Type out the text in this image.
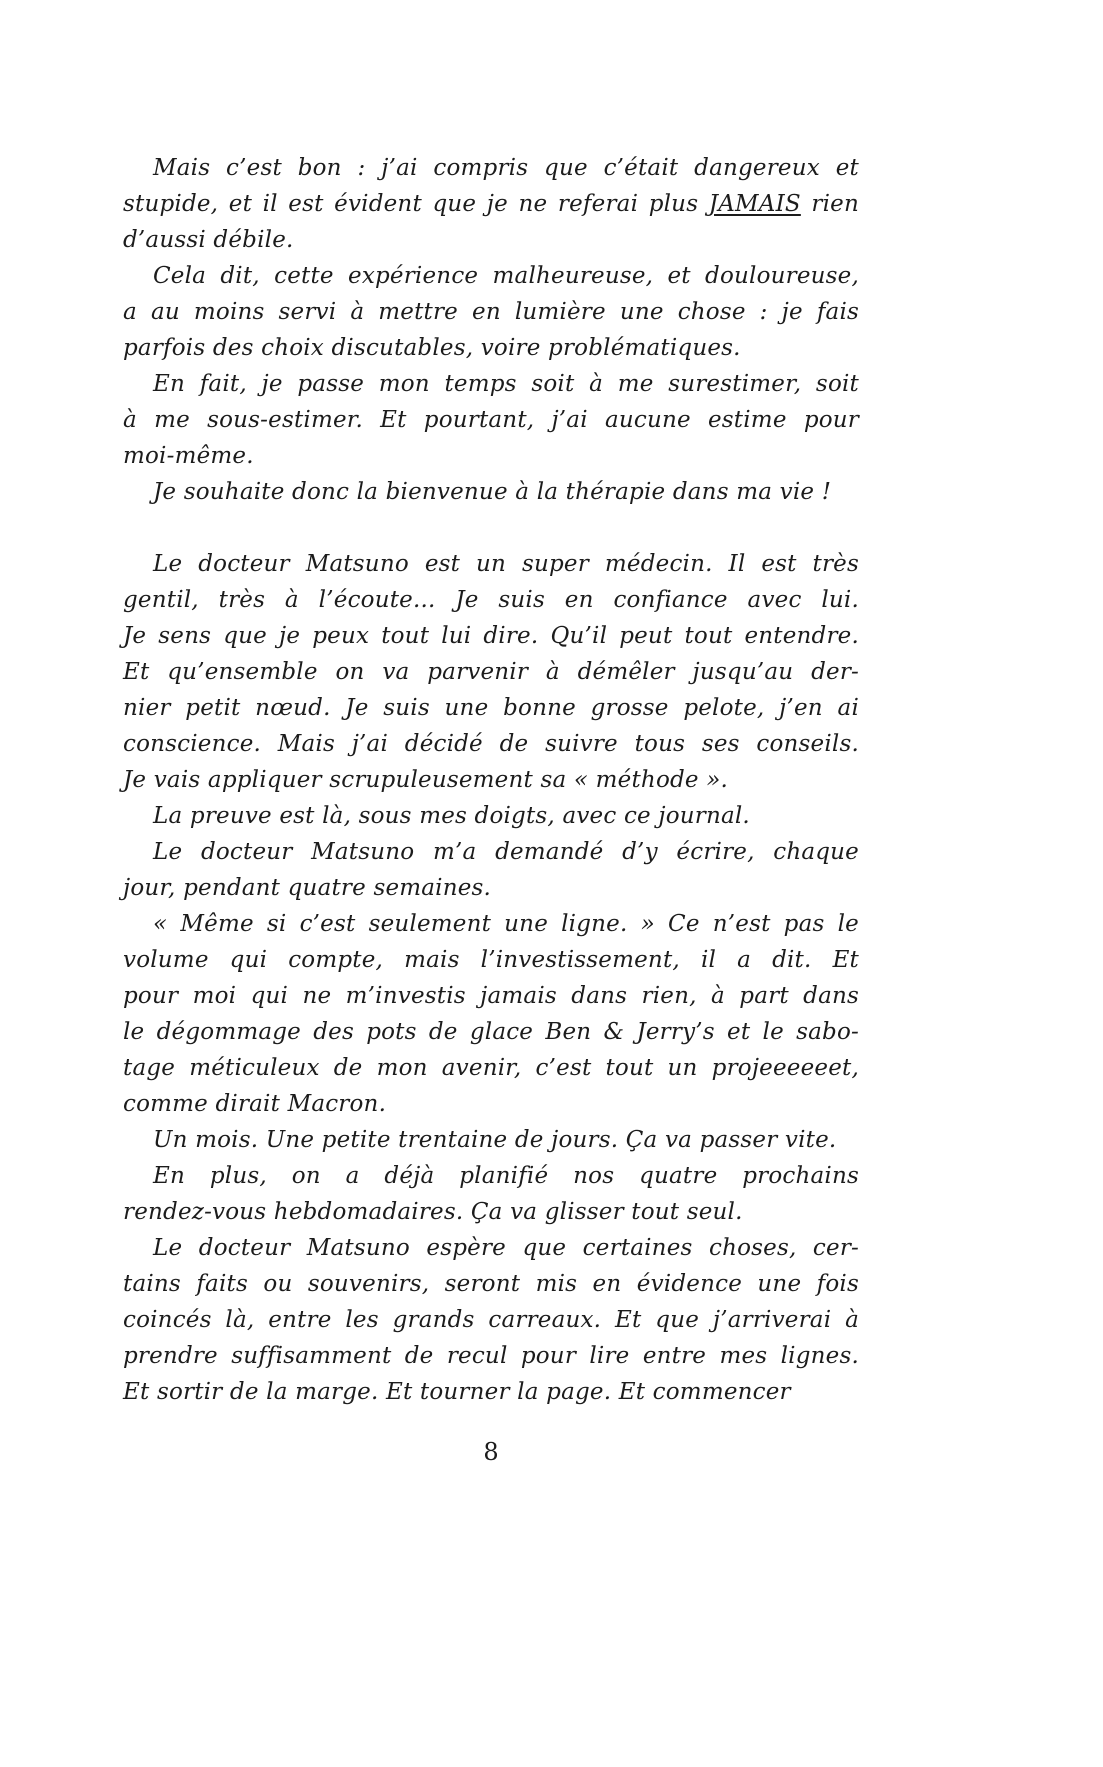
Mais c’est bon : j’ai compris que c’était dangereux et
stupide, et il est évident que je ne referai plus JAMAIS rien
d’aussi débile.
Cela dit, cette expérience malheureuse, et douloureuse,
a au moins servi à mettre en lumière une chose : je fais
parfois des choix discutables, voire problématiques.
En fait, je passe mon temps soit à me surestimer, soit
à me sous-estimer. Et pourtant, j’ai aucune estime pour
moi-même.
Je souhaite donc la bienvenue à la thérapie dans ma vie !
Le docteur Matsuno est un super médecin. Il est très
gentil, très à l’écoute... Je suis en confiance avec lui.
Je sens que je peux tout lui dire. Qu’il peut tout entendre.
Et qu’ensemble on va parvenir à démêler jusqu’au der-
nier petit nœud. Je suis une bonne grosse pelote, j’en ai
conscience. Mais j’ai décidé de suivre tous ses conseils.
Je vais appliquer scrupuleusement sa « méthode ».
La preuve est là, sous mes doigts, avec ce journal.
Le docteur Matsuno m’a demandé d’y écrire, chaque
jour, pendant quatre semaines.
« Même si c’est seulement une ligne. » Ce n’est pas le
volume qui compte, mais l’investissement, il a dit. Et
pour moi qui ne m’investis jamais dans rien, à part dans
le dégommage des pots de glace Ben & Jerry’s et le sabo-
tage méticuleux de mon avenir, c’est tout un projeeeeeet,
comme dirait Macron.
Un mois. Une petite trentaine de jours. Ça va passer vite.
En plus, on a déjà planifié nos quatre prochains
rendez-vous hebdomadaires. Ça va glisser tout seul.
Le docteur Matsuno espère que certaines choses, cer-
tains faits ou souvenirs, seront mis en évidence une fois
coincés là, entre les grands carreaux. Et que j’arriverai à
prendre suffisamment de recul pour lire entre mes lignes.
Et sortir de la marge. Et tourner la page. Et commencer
8
